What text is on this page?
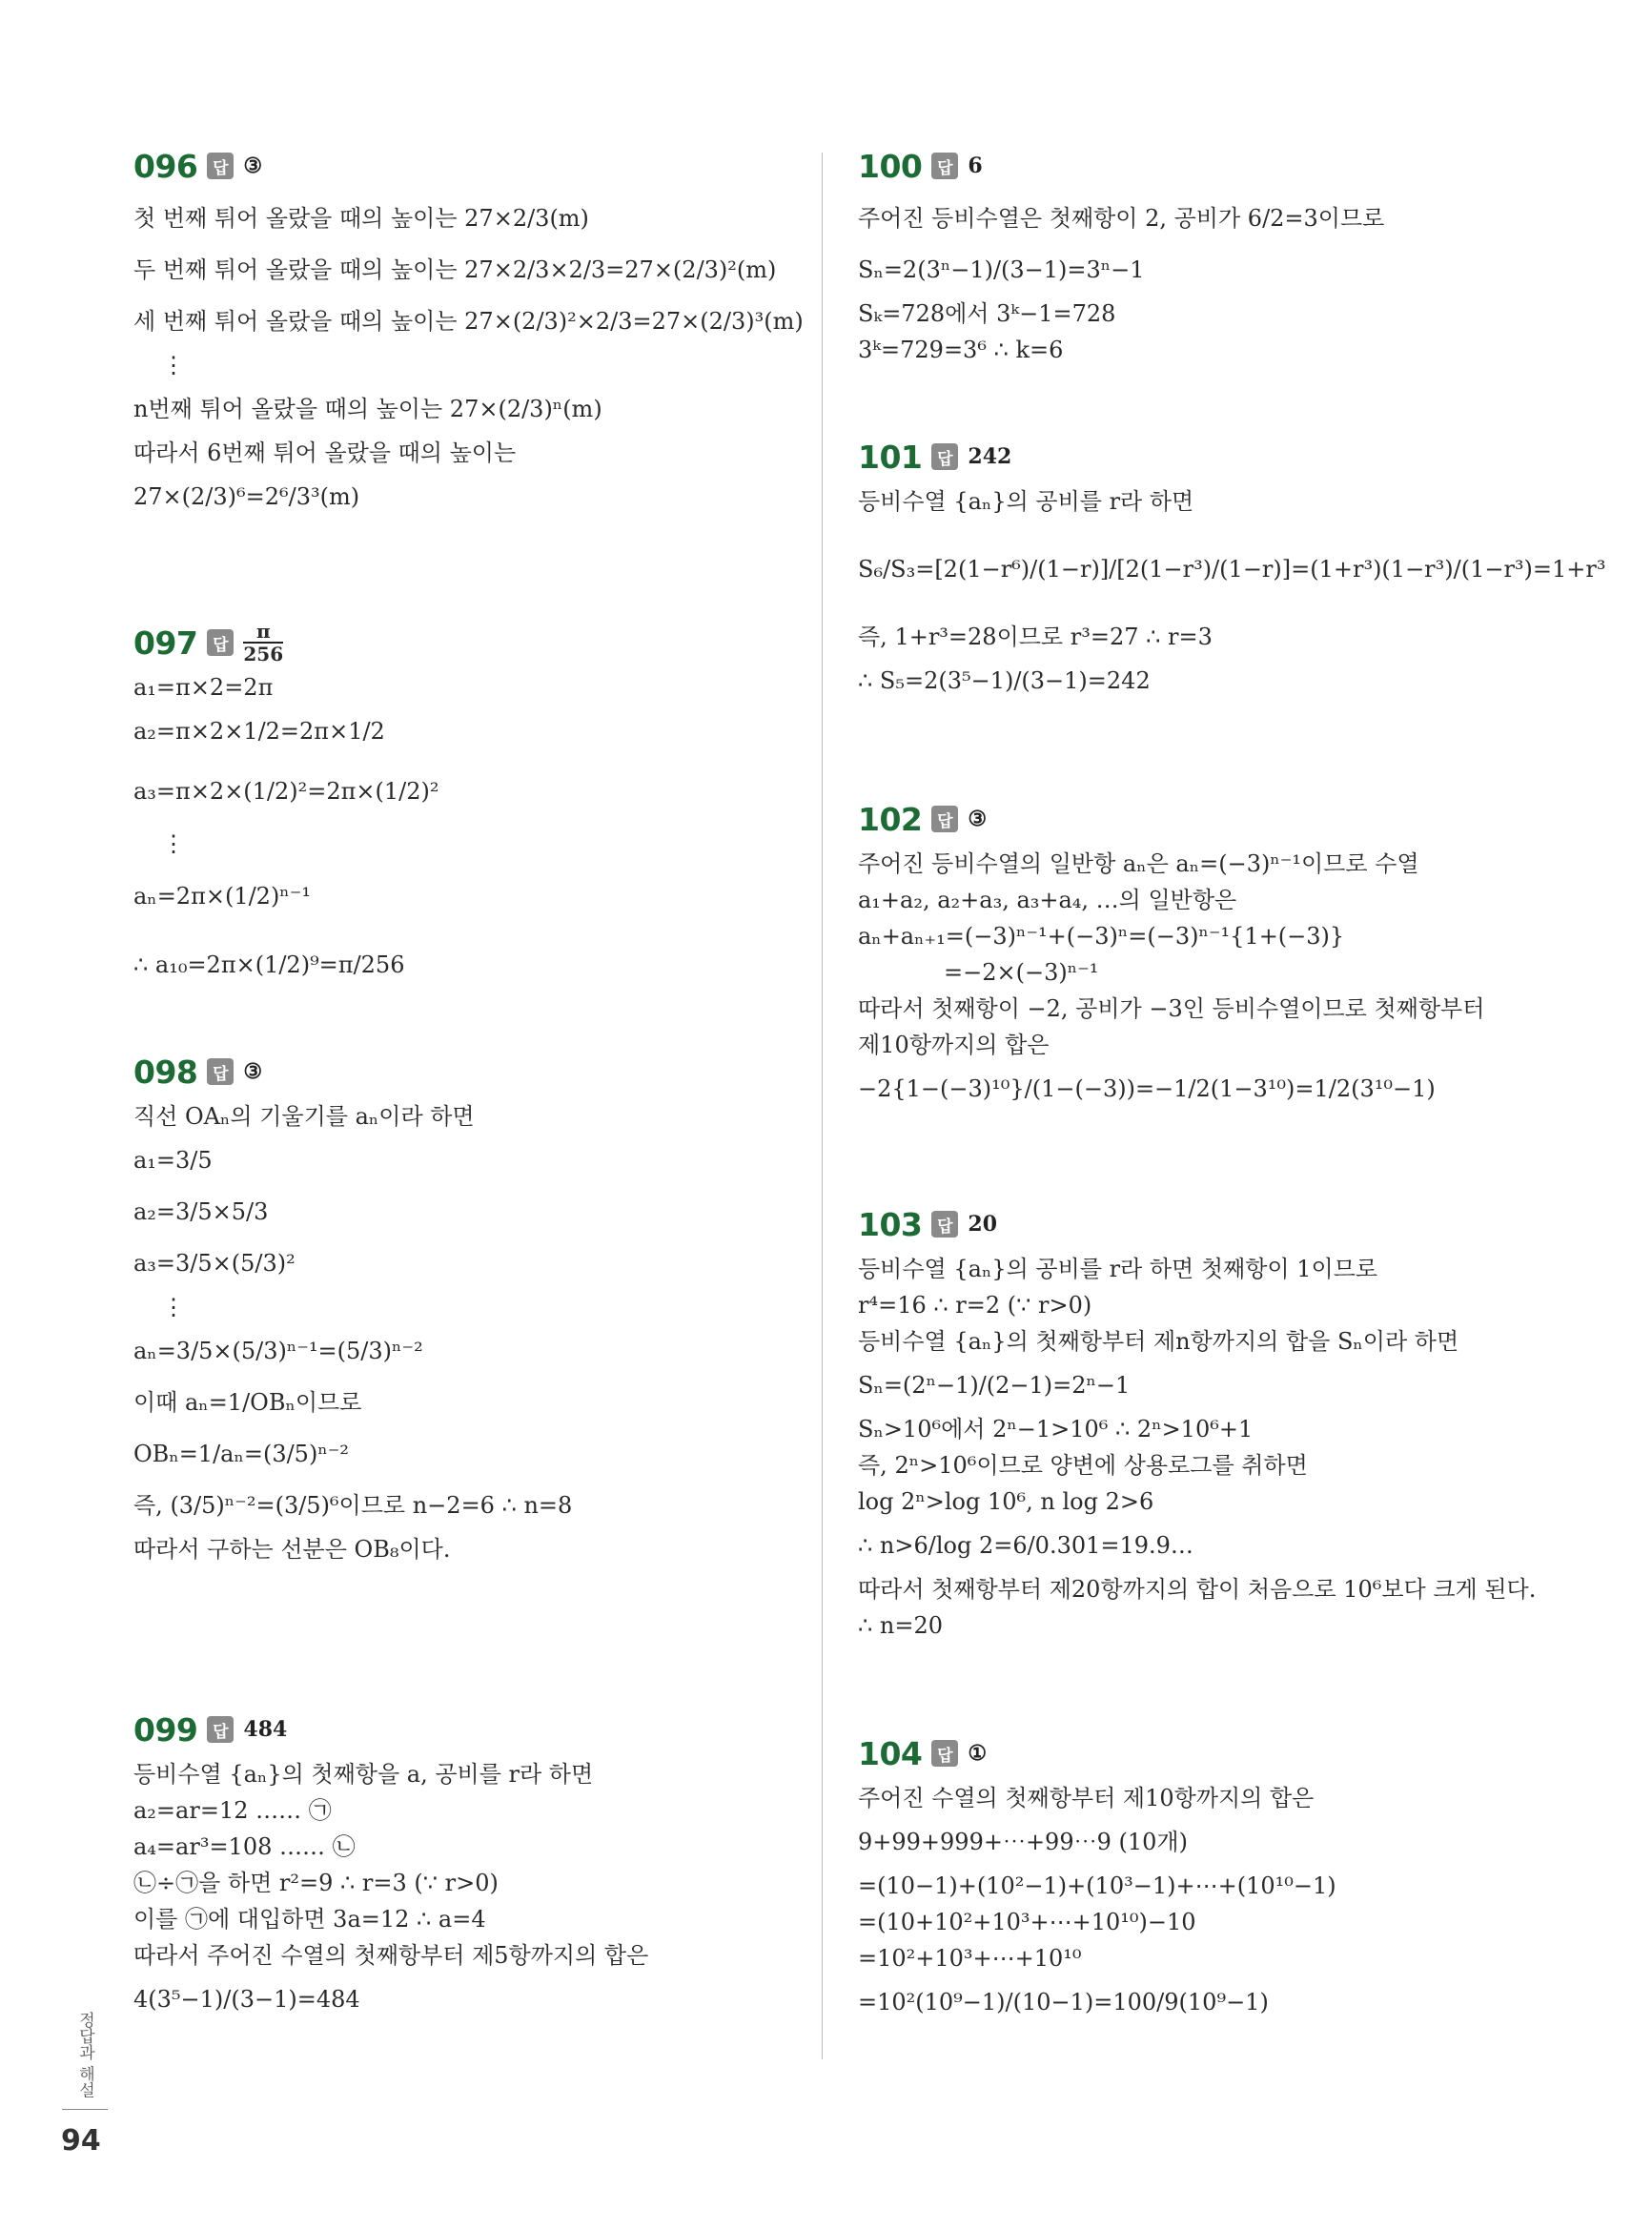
096 답 ③
첫 번째 튀어 올랐을 때의 높이는 27×2/3(m)
두 번째 튀어 올랐을 때의 높이는 27×2/3×2/3=27×(2/3)²(m)
세 번째 튀어 올랐을 때의 높이는 27×(2/3)²×2/3=27×(2/3)³(m)
⋮
n번째 튀어 올랐을 때의 높이는 27×(2/3)ⁿ(m)
따라서 6번째 튀어 올랐을 때의 높이는
27×(2/3)⁶=2⁶/3³(m)
097 답
π
256
a₁=π×2=2π
a₂=π×2×1/2=2π×1/2
a₃=π×2×(1/2)²=2π×(1/2)²
⋮
aₙ=2π×(1/2)ⁿ⁻¹
∴ a₁₀=2π×(1/2)⁹=π/256
098 답 ③
직선 OAₙ의 기울기를 aₙ이라 하면
a₁=3/5
a₂=3/5×5/3
a₃=3/5×(5/3)²
⋮
aₙ=3/5×(5/3)ⁿ⁻¹=(5/3)ⁿ⁻²
이때 aₙ=1/OBₙ이므로
OBₙ=1/aₙ=(3/5)ⁿ⁻²
즉, (3/5)ⁿ⁻²=(3/5)⁶이므로 n−2=6 ∴ n=8
따라서 구하는 선분은 OB₈이다.
099 답 484
등비수열 {aₙ}의 첫째항을 a, 공비를 r라 하면
a₂=ar=12 …… ㉠
a₄=ar³=108 …… ㉡
㉡÷㉠을 하면 r²=9 ∴ r=3 (∵ r>0)
이를 ㉠에 대입하면 3a=12 ∴ a=4
따라서 주어진 수열의 첫째항부터 제5항까지의 합은
4(3⁵−1)/(3−1)=484
100 답 6
주어진 등비수열은 첫째항이 2, 공비가 6/2=3이므로
Sₙ=2(3ⁿ−1)/(3−1)=3ⁿ−1
Sₖ=728에서 3ᵏ−1=728
3ᵏ=729=3⁶ ∴ k=6
101 답 242
등비수열 {aₙ}의 공비를 r라 하면
S₆/S₃=[2(1−r⁶)/(1−r)]/[2(1−r³)/(1−r)]=(1+r³)(1−r³)/(1−r³)=1+r³
즉, 1+r³=28이므로 r³=27 ∴ r=3
∴ S₅=2(3⁵−1)/(3−1)=242
102 답 ③
주어진 등비수열의 일반항 aₙ은 aₙ=(−3)ⁿ⁻¹이므로 수열
a₁+a₂, a₂+a₃, a₃+a₄, …의 일반항은
aₙ+aₙ₊₁=(−3)ⁿ⁻¹+(−3)ⁿ=(−3)ⁿ⁻¹{1+(−3)}
=−2×(−3)ⁿ⁻¹
따라서 첫째항이 −2, 공비가 −3인 등비수열이므로 첫째항부터
제10항까지의 합은
−2{1−(−3)¹⁰}/(1−(−3))=−1/2(1−3¹⁰)=1/2(3¹⁰−1)
103 답 20
등비수열 {aₙ}의 공비를 r라 하면 첫째항이 1이므로
r⁴=16 ∴ r=2 (∵ r>0)
등비수열 {aₙ}의 첫째항부터 제n항까지의 합을 Sₙ이라 하면
Sₙ=(2ⁿ−1)/(2−1)=2ⁿ−1
Sₙ>10⁶에서 2ⁿ−1>10⁶ ∴ 2ⁿ>10⁶+1
즉, 2ⁿ>10⁶이므로 양변에 상용로그를 취하면
log 2ⁿ>log 10⁶, n log 2>6
∴ n>6/log 2=6/0.301=19.9…
따라서 첫째항부터 제20항까지의 합이 처음으로 10⁶보다 크게 된다.
∴ n=20
104 답 ①
주어진 수열의 첫째항부터 제10항까지의 합은
9+99+999+⋯+99⋯9 (10개)
=(10−1)+(10²−1)+(10³−1)+⋯+(10¹⁰−1)
=(10+10²+10³+⋯+10¹⁰)−10
=10²+10³+⋯+10¹⁰
=10²(10⁹−1)/(10−1)=100/9(10⁹−1)
정답과 해설
94
